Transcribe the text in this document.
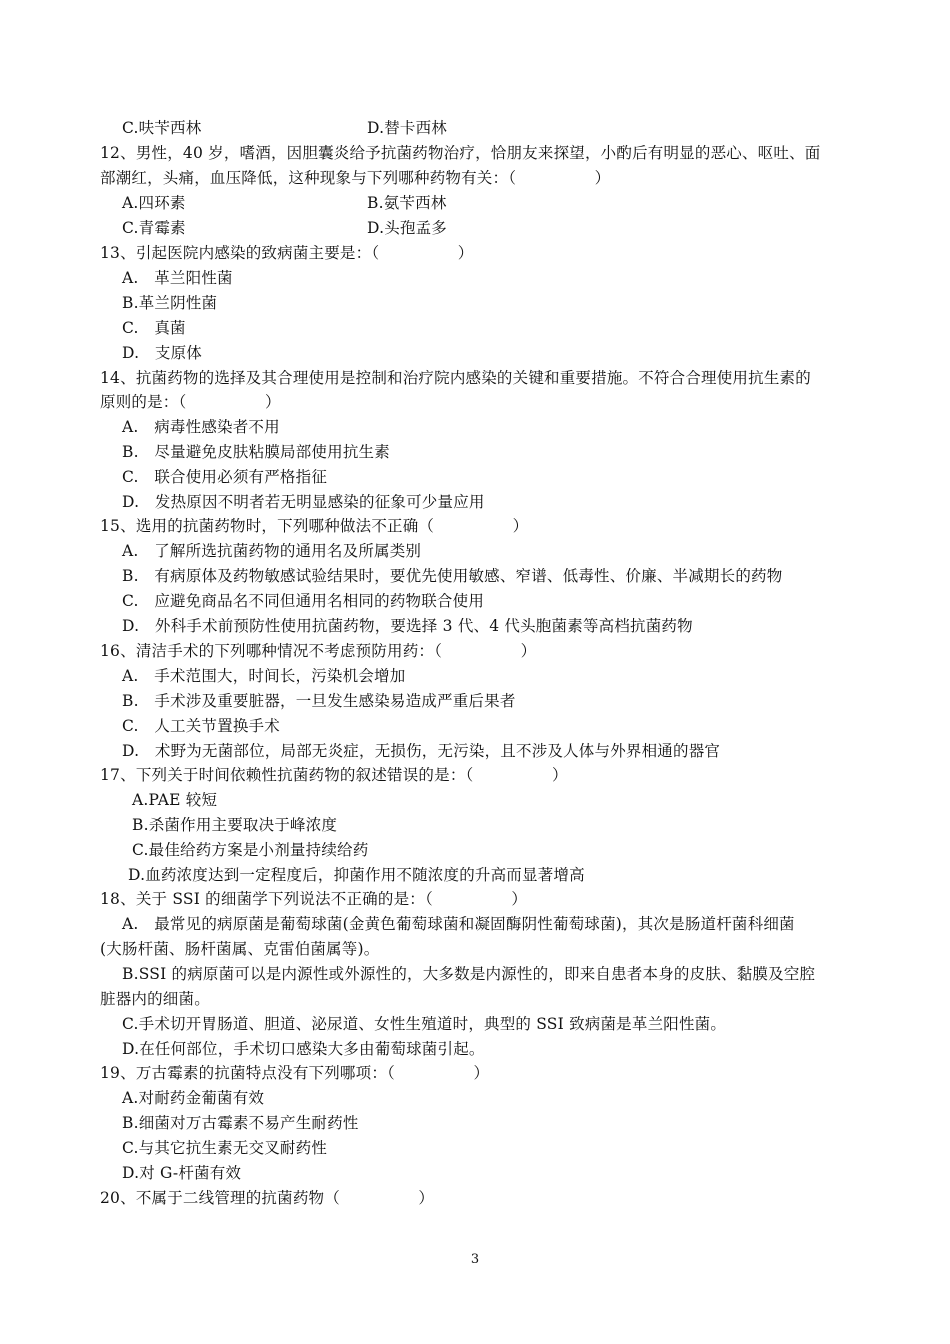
C.呋苄西林	D.替卡西林
12、男性，40 岁，嗜酒，因胆囊炎给予抗菌药物治疗，恰朋友来探望，小酌后有明显的恶心、呕吐、面
部潮红，头痛，血压降低，这种现象与下列哪种药物有关：（　　　　　）
A.四环素	B.氨苄西林
C.青霉素	D.头孢孟多
13、引起医院内感染的致病菌主要是：（　　　　　）
A.　革兰阳性菌
B.革兰阴性菌
C.　真菌
D.　支原体
14、抗菌药物的选择及其合理使用是控制和治疗院内感染的关键和重要措施。不符合合理使用抗生素的
原则的是：（　　　　　）
A.　病毒性感染者不用
B.　尽量避免皮肤粘膜局部使用抗生素
C.　联合使用必须有严格指征
D.　发热原因不明者若无明显感染的征象可少量应用
15、选用的抗菌药物时，下列哪种做法不正确（　　　　　）
A.　了解所选抗菌药物的通用名及所属类别
B.　有病原体及药物敏感试验结果时，要优先使用敏感、窄谱、低毒性、价廉、半减期长的药物
C.　应避免商品名不同但通用名相同的药物联合使用
D.　外科手术前预防性使用抗菌药物，要选择 3 代、4 代头胞菌素等高档抗菌药物
16、清洁手术的下列哪种情况不考虑预防用药：（　　　　　）
A.　手术范围大，时间长，污染机会增加
B.　手术涉及重要脏器，一旦发生感染易造成严重后果者
C.　人工关节置换手术
D.　术野为无菌部位，局部无炎症，无损伤，无污染，且不涉及人体与外界相通的器官
17、下列关于时间依赖性抗菌药物的叙述错误的是：（　　　　　）
A.PAE 较短
B.杀菌作用主要取决于峰浓度
C.最佳给药方案是小剂量持续给药
D.血药浓度达到一定程度后，抑菌作用不随浓度的升高而显著增高
18、关于 SSI 的细菌学下列说法不正确的是：（　　　　　）
A.　最常见的病原菌是葡萄球菌(金黄色葡萄球菌和凝固酶阴性葡萄球菌)，其次是肠道杆菌科细菌
(大肠杆菌、肠杆菌属、克雷伯菌属等)。
B.SSI 的病原菌可以是内源性或外源性的，大多数是内源性的，即来自患者本身的皮肤、黏膜及空腔
脏器内的细菌。
C.手术切开胃肠道、胆道、泌尿道、女性生殖道时，典型的 SSI 致病菌是革兰阳性菌。
D.在任何部位，手术切口感染大多由葡萄球菌引起。
19、万古霉素的抗菌特点没有下列哪项：（　　　　　）
A.对耐药金葡菌有效
B.细菌对万古霉素不易产生耐药性
C.与其它抗生素无交叉耐药性
D.对 G-杆菌有效
20、不属于二线管理的抗菌药物（　　　　　）
3
